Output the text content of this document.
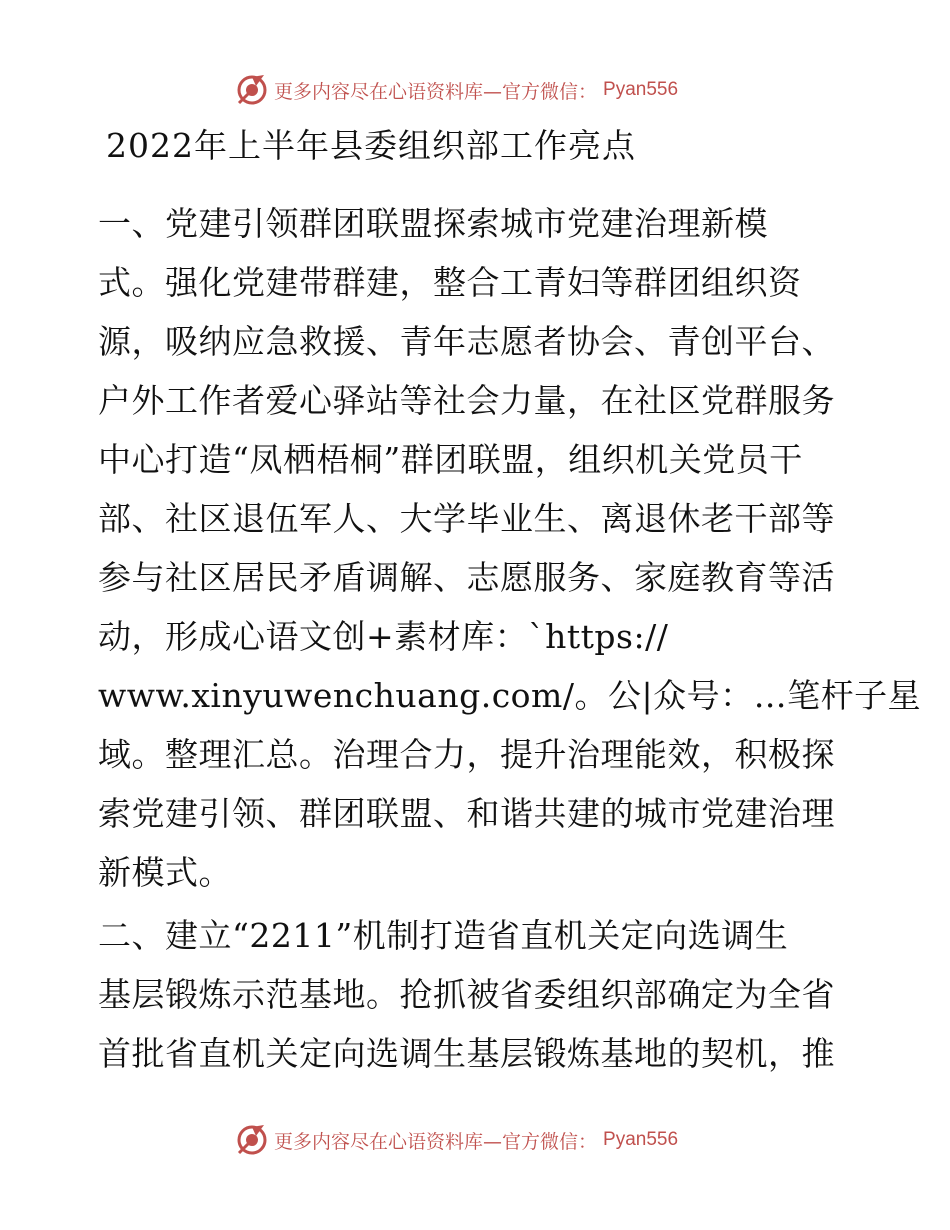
更多内容尽在心语资料库—官方微信： Pyan556
2022年上半年县委组织部工作亮点

一、党建引领群团联盟探索城市党建治理新模
式。强化党建带群建，整合工青妇等群团组织资
源，吸纳应急救援、青年志愿者协会、青创平台、
户外工作者爱心驿站等社会力量，在社区党群服务
中心打造“凤栖梧桐”群团联盟，组织机关党员干
部、社区退伍军人、大学毕业生、离退休老干部等
参与社区居民矛盾调解、志愿服务、家庭教育等活
动，形成心语文创+素材库：`https://
www.xinyuwenchuang.com/。公|众号：…笔杆子星
域。整理汇总。治理合力，提升治理能效，积极探
索党建引领、群团联盟、和谐共建的城市党建治理
新模式。

二、建立“2211”机制打造省直机关定向选调生
基层锻炼示范基地。抢抓被省委组织部确定为全省
首批省直机关定向选调生基层锻炼基地的契机，推

更多内容尽在心语资料库—官方微信： Pyan556
